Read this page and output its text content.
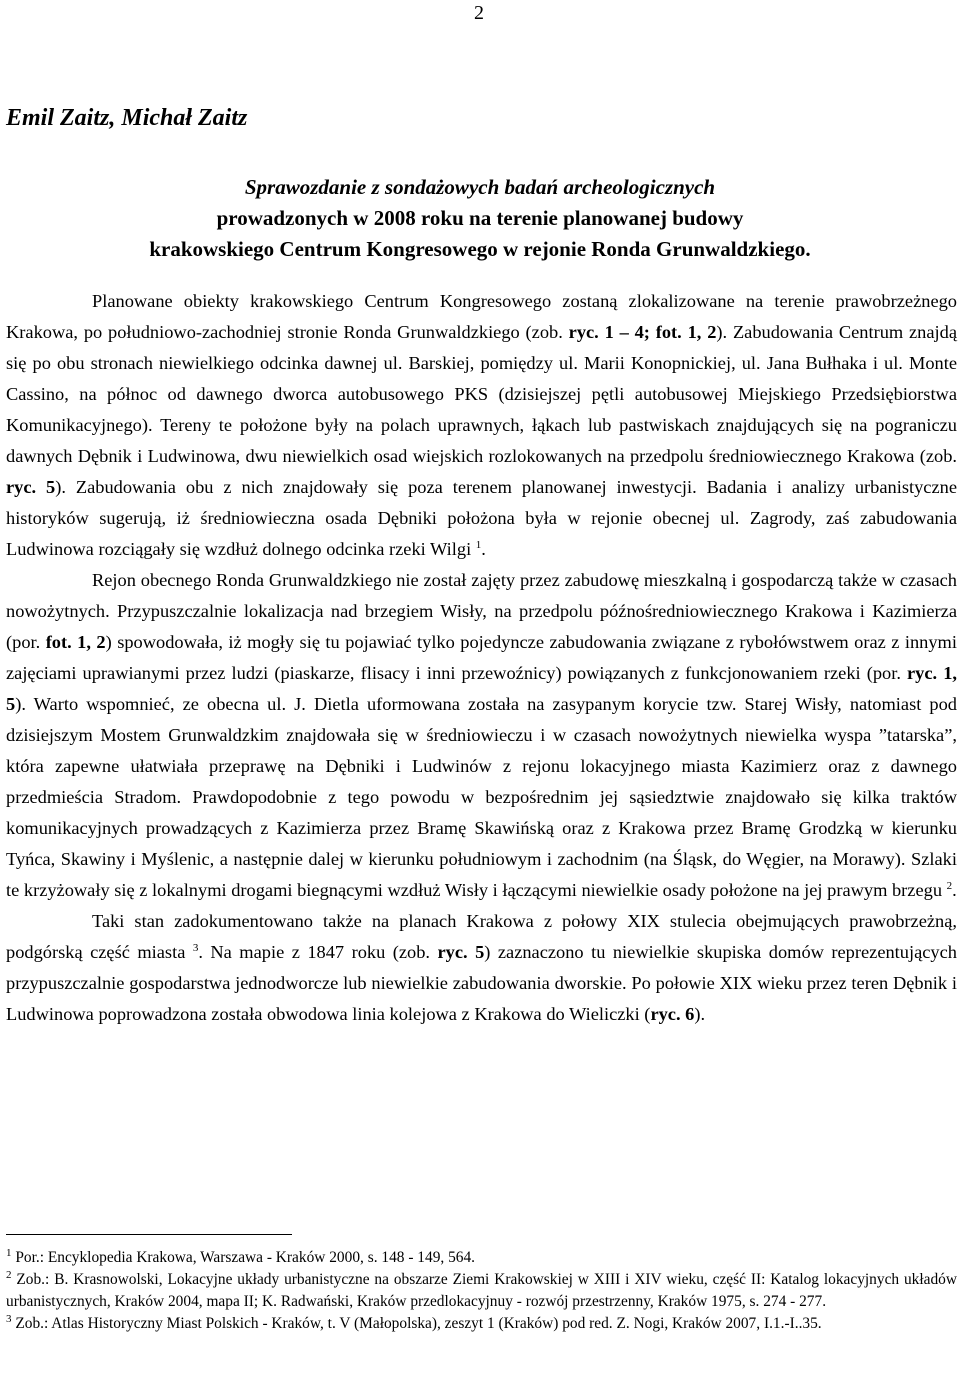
2
Emil Zaitz, Michał Zaitz
Sprawozdanie z sondażowych badań archeologicznych
prowadzonych w 2008 roku na terenie planowanej budowy
krakowskiego Centrum Kongresowego w rejonie Ronda Grunwaldzkiego.

Planowane obiekty krakowskiego Centrum Kongresowego zostaną zlokalizowane na terenie prawobrzeżnego Krakowa, po południowo-zachodniej stronie Ronda Grunwaldzkiego (zob. ryc. 1 – 4; fot. 1, 2). Zabudowania Centrum znajdą się po obu stronach niewielkiego odcinka dawnej ul. Barskiej, pomiędzy ul. Marii Konopnickiej, ul. Jana Bułhaka i ul. Monte Cassino, na północ od dawnego dworca autobusowego PKS (dzisiejszej pętli autobusowej Miejskiego Przedsiębiorstwa Komunikacyjnego). Tereny te położone były na polach uprawnych, łąkach lub pastwiskach znajdujących się na pograniczu dawnych Dębnik i Ludwinowa, dwu niewielkich osad wiejskich rozlokowanych na przedpolu średniowiecznego Krakowa (zob. ryc. 5). Zabudowania obu z nich znajdowały się poza terenem planowanej inwestycji. Badania i analizy urbanistyczne historyków sugerują, iż średniowieczna osada Dębniki położona była w rejonie obecnej ul. Zagrody, zaś zabudowania Ludwinowa rozciągały się wzdłuż dolnego odcinka rzeki Wilgi $^1$.

Rejon obecnego Ronda Grunwaldzkiego nie został zajęty przez zabudowę mieszkalną i gospodarczą także w czasach nowożytnych. Przypuszczalnie lokalizacja nad brzegiem Wisły, na przedpolu późnośredniowiecznego Krakowa i Kazimierza (por. fot. 1, 2) spowodowała, iż mogły się tu pojawiać tylko pojedyncze zabudowania związane z rybołówstwem oraz z innymi zajęciami uprawianymi przez ludzi (piaskarze, flisacy i inni przewoźnicy) powiązanych z funkcjonowaniem rzeki (por. ryc. 1, 5). Warto wspomnieć, ze obecna ul. J. Dietla uformowana została na zasypanym korycie tzw. Starej Wisły, natomiast pod dzisiejszym Mostem Grunwaldzkim znajdowała się w średniowieczu i w czasach nowożytnych niewielka wyspa ”tatarska”, która zapewne ułatwiała przeprawę na Dębniki i Ludwinów z rejonu lokacyjnego miasta Kazimierz oraz z dawnego przedmieścia Stradom. Prawdopodobnie z tego powodu w bezpośrednim jej sąsiedztwie znajdowało się kilka traktów komunikacyjnych prowadzących z Kazimierza przez Bramę Skawińską oraz z Krakowa przez Bramę Grodzką w kierunku Tyńca, Skawiny i Myślenic, a następnie dalej w kierunku południowym i zachodnim (na Śląsk, do Węgier, na Morawy). Szlaki te krzyżowały się z lokalnymi drogami biegnącymi wzdłuż Wisły i łączącymi niewielkie osady położone na jej prawym brzegu $^2$.

Taki stan zadokumentowano także na planach Krakowa z połowy XIX stulecia obejmujących prawobrzeżną, podgórską część miasta $^3$. Na mapie z 1847 roku (zob. ryc. 5) zaznaczono tu niewielkie skupiska domów reprezentujących przypuszczalnie gospodarstwa jednodworcze lub niewielkie zabudowania dworskie. Po połowie XIX wieku przez teren Dębnik i Ludwinowa poprowadzona została obwodowa linia kolejowa z Krakowa do Wieliczki (ryc. 6).

$^1$ Por.: Encyklopedia Krakowa, Warszawa - Kraków 2000, s. 148 - 149, 564.

$^2$ Zob.: B. Krasnowolski, Lokacyjne układy urbanistyczne na obszarze Ziemi Krakowskiej w XIII i XIV wieku, część II: Katalog lokacyjnych układów urbanistycznych, Kraków 2004, mapa II; K. Radwański, Kraków przedlokacyjnuy - rozwój przestrzenny, Kraków 1975, s. 274 - 277.

$^3$ Zob.: Atlas Historyczny Miast Polskich - Kraków, t. V (Małopolska), zeszyt 1 (Kraków) pod red. Z. Nogi, Kraków 2007, I.1.-I..35.
